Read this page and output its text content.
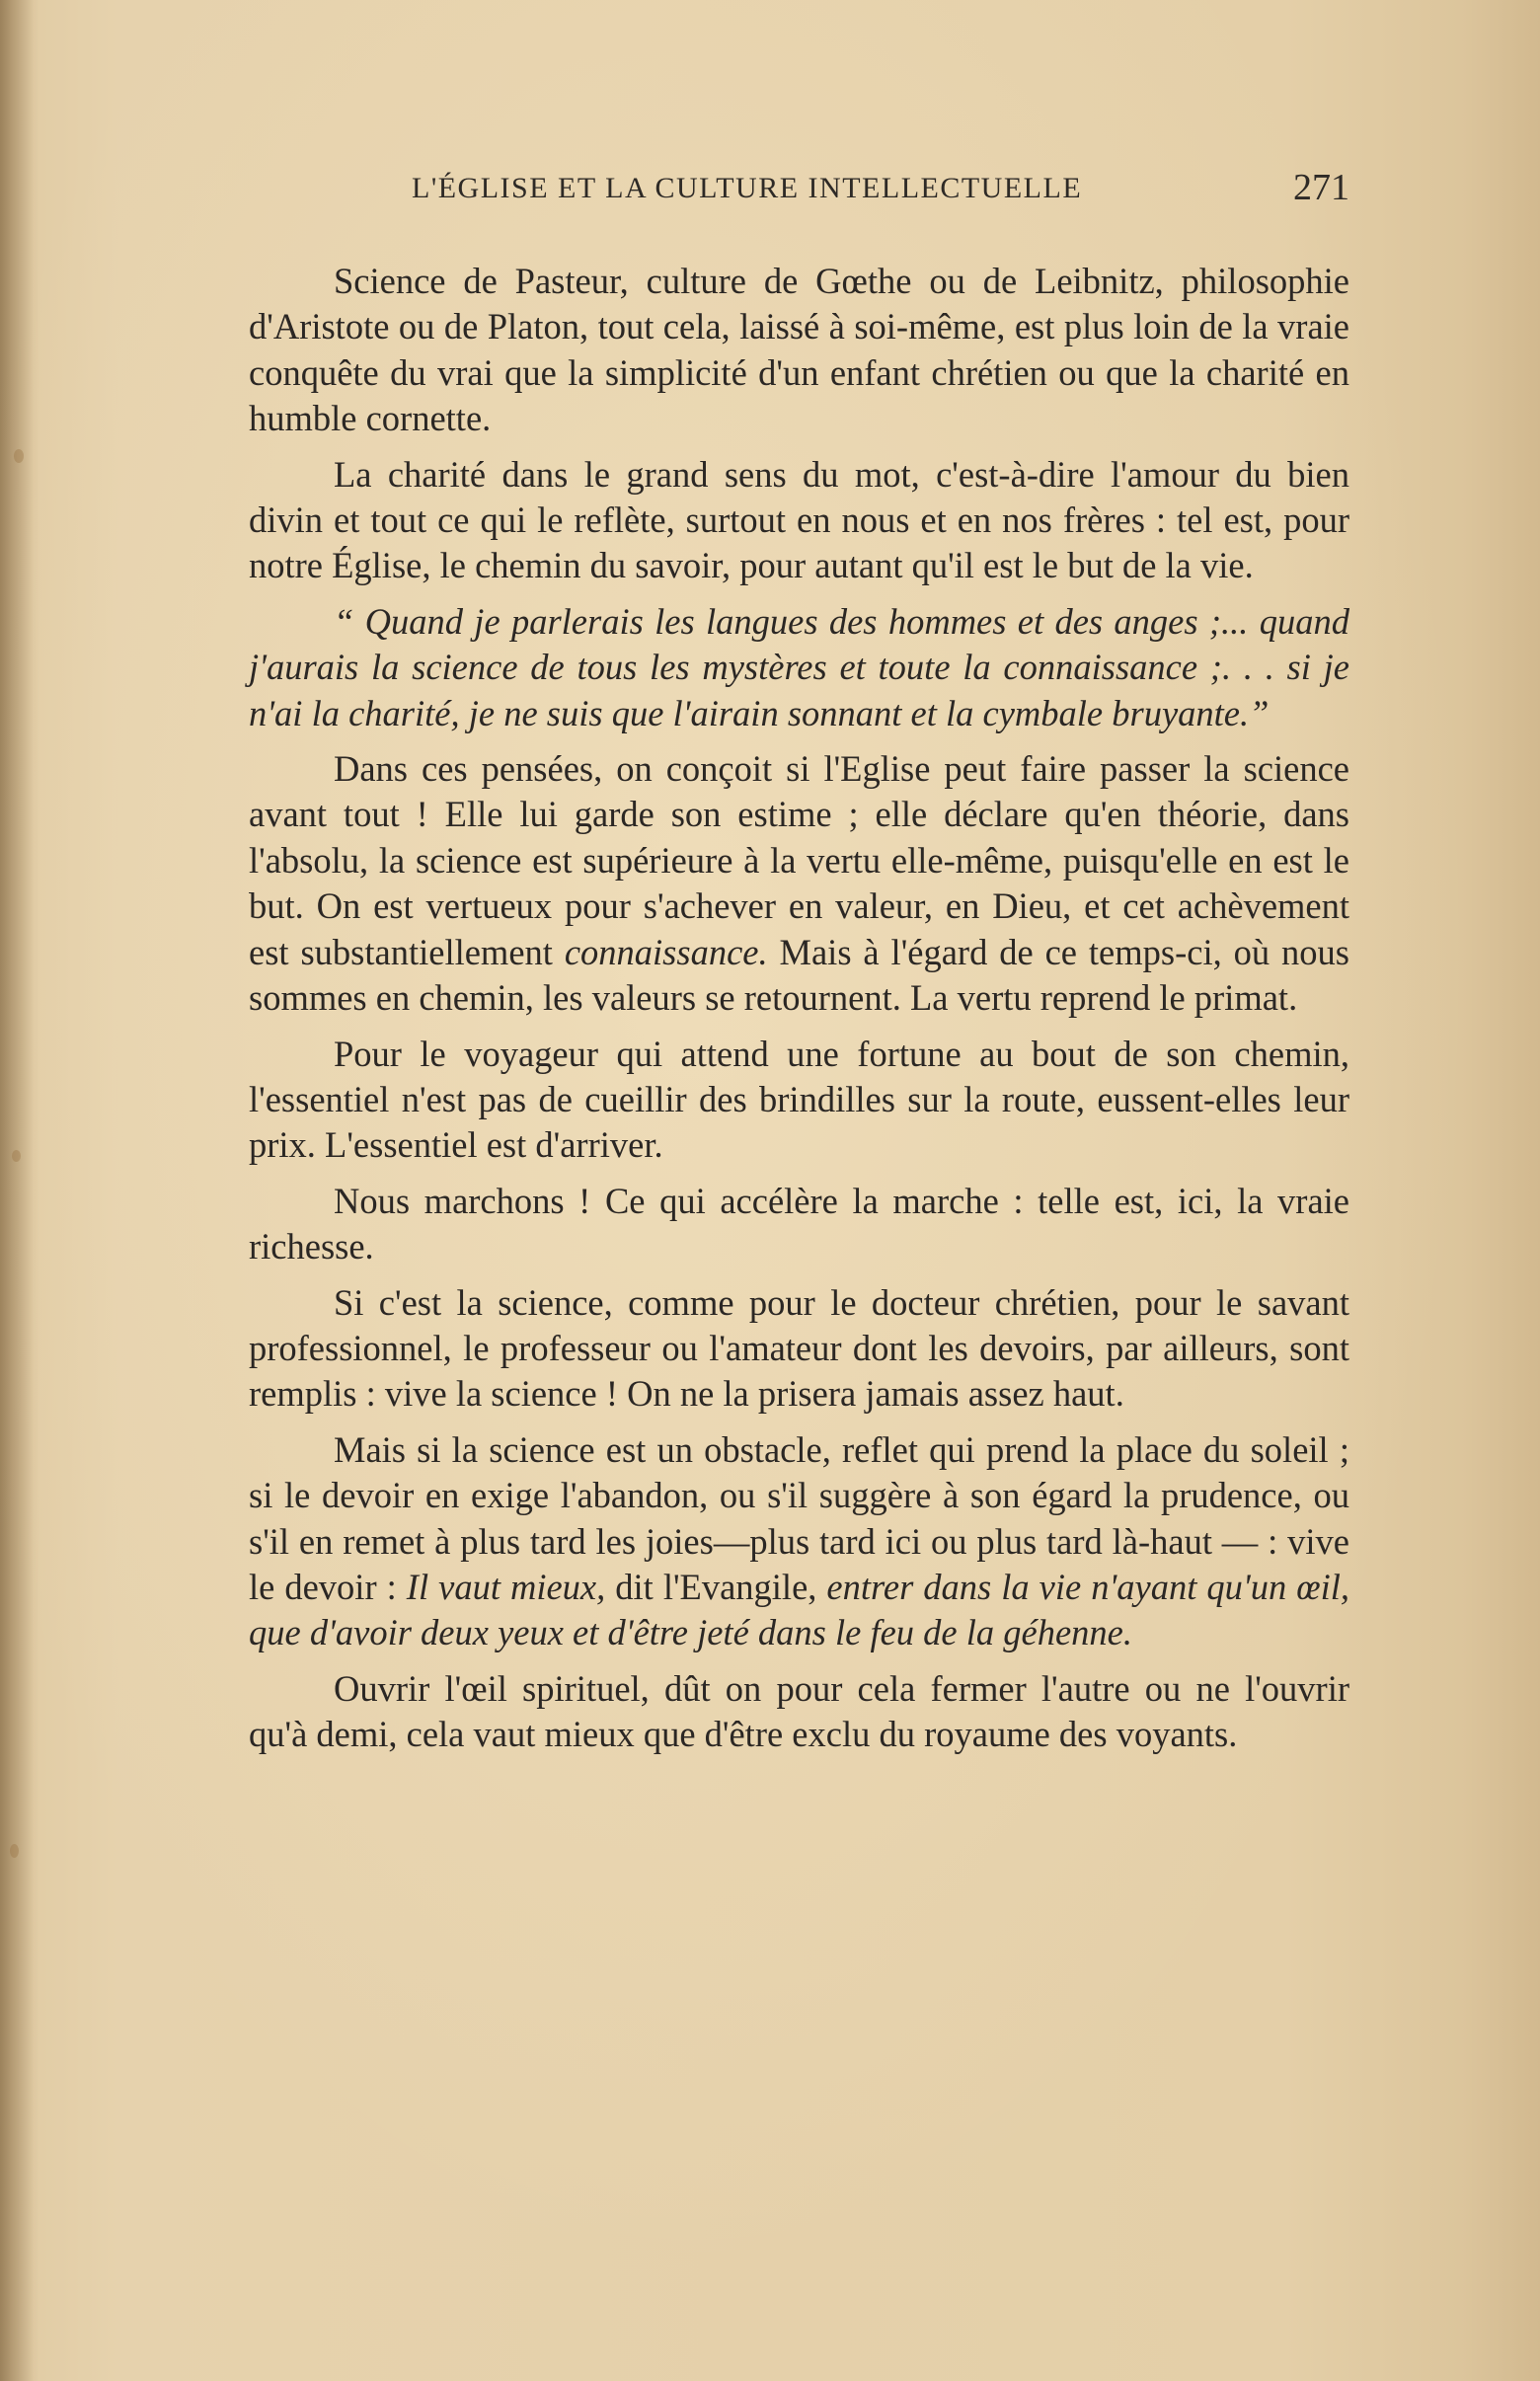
L'ÉGLISE ET LA CULTURE INTELLECTUELLE	271

Science de Pasteur, culture de Gœthe ou de Leibnitz, philosophie d'Aristote ou de Platon, tout cela, laissé à soi-même, est plus loin de la vraie conquête du vrai que la simplicité d'un enfant chrétien ou que la charité en humble cornette.

La charité dans le grand sens du mot, c'est-à-dire l'amour du bien divin et tout ce qui le reflète, surtout en nous et en nos frères : tel est, pour notre Église, le chemin du savoir, pour autant qu'il est le but de la vie.

“ Quand je parlerais les langues des hommes et des anges ;... quand j'aurais la science de tous les mystères et toute la connaissance ;. . . si je n'ai la charité, je ne suis que l'airain sonnant et la cymbale bruyante.”

Dans ces pensées, on conçoit si l'Eglise peut faire passer la science avant tout ! Elle lui garde son estime ; elle déclare qu'en théorie, dans l'absolu, la science est supérieure à la vertu elle-même, puisqu'elle en est le but. On est vertueux pour s'achever en valeur, en Dieu, et cet achèvement est substantiellement connaissance. Mais à l'égard de ce temps-ci, où nous sommes en chemin, les valeurs se retournent. La vertu reprend le primat.

Pour le voyageur qui attend une fortune au bout de son chemin, l'essentiel n'est pas de cueillir des brindilles sur la route, eussent-elles leur prix. L'essentiel est d'arriver.

Nous marchons ! Ce qui accélère la marche : telle est, ici, la vraie richesse.

Si c'est la science, comme pour le docteur chrétien, pour le savant professionnel, le professeur ou l'amateur dont les devoirs, par ailleurs, sont remplis : vive la science ! On ne la prisera jamais assez haut.

Mais si la science est un obstacle, reflet qui prend la place du soleil ; si le devoir en exige l'abandon, ou s'il suggère à son égard la prudence, ou s'il en remet à plus tard les joies—plus tard ici ou plus tard là-haut — : vive le devoir : Il vaut mieux, dit l'Evangile, entrer dans la vie n'ayant qu'un œil, que d'avoir deux yeux et d'être jeté dans le feu de la géhenne.

Ouvrir l'œil spirituel, dût on pour cela fermer l'autre ou ne l'ouvrir qu'à demi, cela vaut mieux que d'être exclu du royaume des voyants.
